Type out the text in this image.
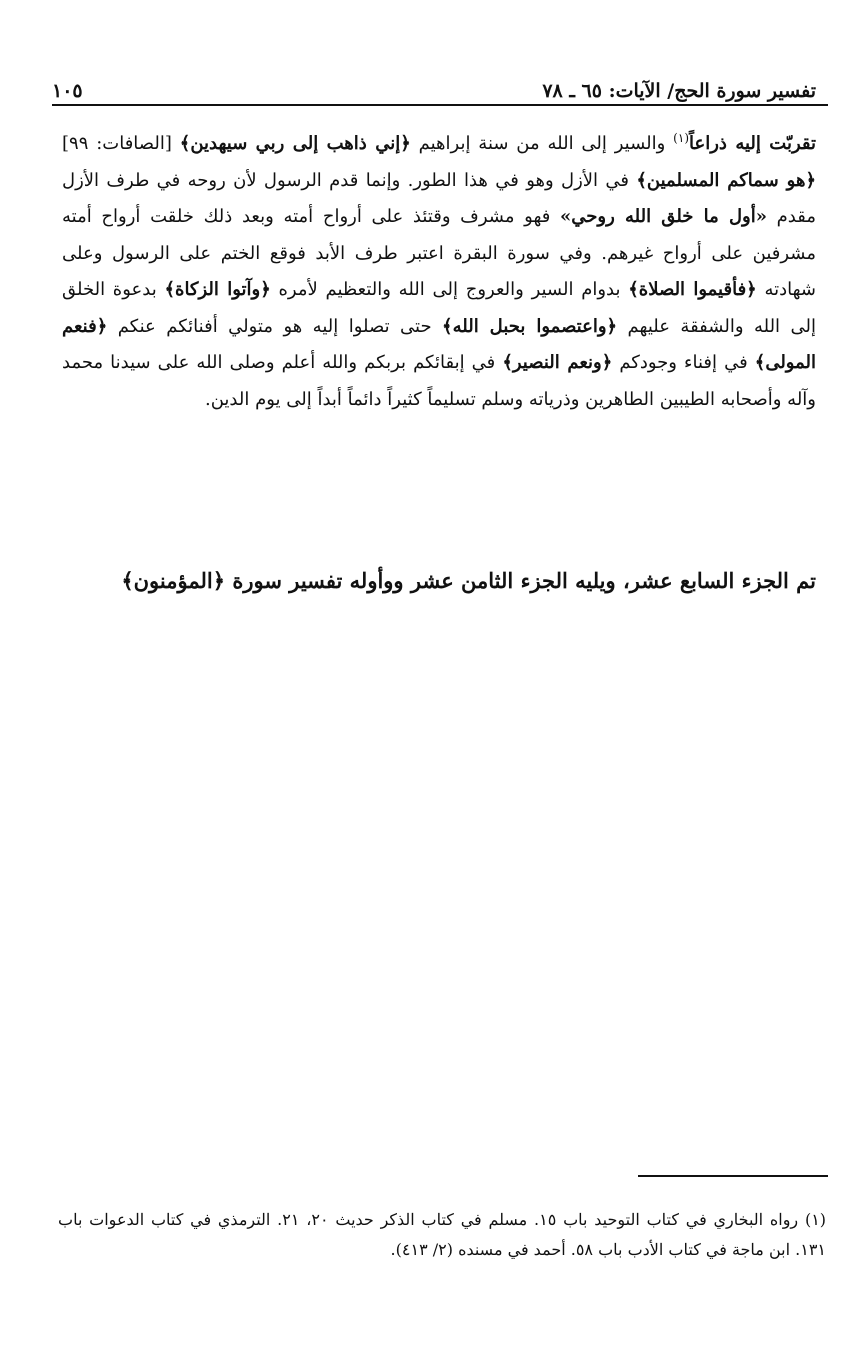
تفسير سورة الحج/ الآيات: ٦٥ ـ ٧٨
١٠٥

تقربّت إليه ذراعاً$^{(١)}$ والسير إلى الله من سنة إبراهيم ﴿إني ذاهب إلى ربي سيهدين﴾ [الصافات: ٩٩] ﴿هو سماكم المسلمين﴾ في الأزل وهو في هذا الطور. وإنما قدم الرسول لأن روحه في طرف الأزل مقدم «أول ما خلق الله روحي» فهو مشرف وقتئذ على أرواح أمته وبعد ذلك خلقت أرواح أمته مشرفين على أرواح غيرهم. وفي سورة البقرة اعتبر طرف الأبد فوقع الختم على الرسول وعلى شهادته ﴿فأقيموا الصلاة﴾ بدوام السير والعروج إلى الله والتعظيم لأمره ﴿وآتوا الزكاة﴾ بدعوة الخلق إلى الله والشفقة عليهم ﴿واعتصموا بحبل الله﴾ حتى تصلوا إليه هو متولي أفنائكم عنكم ﴿فنعم المولى﴾ في إفناء وجودكم ﴿ونعم النصير﴾ في إبقائكم بربكم والله أعلم وصلى الله على سيدنا محمد وآله وأصحابه الطيبين الطاهرين وذرياته وسلم تسليماً كثيراً دائماً أبداً إلى يوم الدين.

تم الجزء السابع عشر، ويليه الجزء الثامن عشر ووأوله تفسير سورة ﴿المؤمنون﴾
(١) رواه البخاري في كتاب التوحيد باب ١٥. مسلم في كتاب الذكر حديث ٢٠، ٢١. الترمذي في كتاب الدعوات باب ١٣١. ابن ماجة في كتاب الأدب باب ٥٨. أحمد في مسنده (٢/ ٤١٣).
